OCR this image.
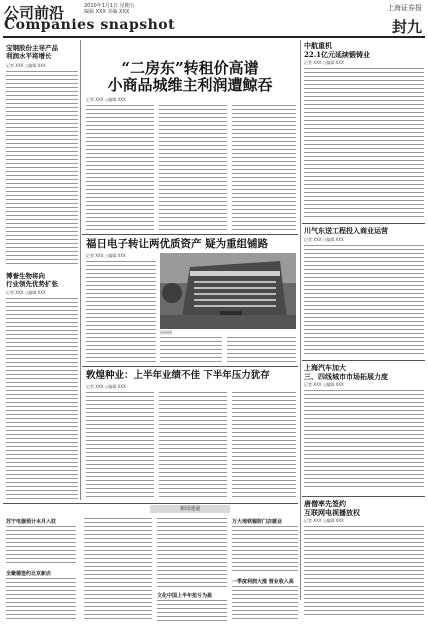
公司前沿	2010年1月1日 星期五
编辑 XXX 美编 XXX	上海证券报
Companies snapshot	封九
宝钢股份主导产品
利润水平将增长
记者 XXX ○编辑 XXX
博誉生物将向
行业领先优势扩张
记者 XXX ○编辑 XXX
“二房东”转租价高谱
小商品城维主利润遭鲸吞
记者 XXX ○编辑 XXX
福日电子转让两优质资产 疑为重组铺路
记者 XXX ○编辑 XXX
资料图
敦煌种业：上半年业绩不佳 下半年压力犹存
记者 XXX ○编辑 XXX
中航重机
22.1亿元延续锻铸业
记者 XXX ○编辑 XXX
川气东送工程投入商业运营
记者 XXX ○编辑 XXX
上海汽车加大
三、四线城市市场拓展力度
记者 XXX ○编辑 XXX
唐僧率先签约
互联网电视播放权
记者 XXX ○编辑 XXX
新闻速递
苏宁电器预计本月入驻
全聚德签约北京新店
文化中国上半年扭亏为盈
万大地铁辐射门店就业
一季度利润大涨 营业收入高
